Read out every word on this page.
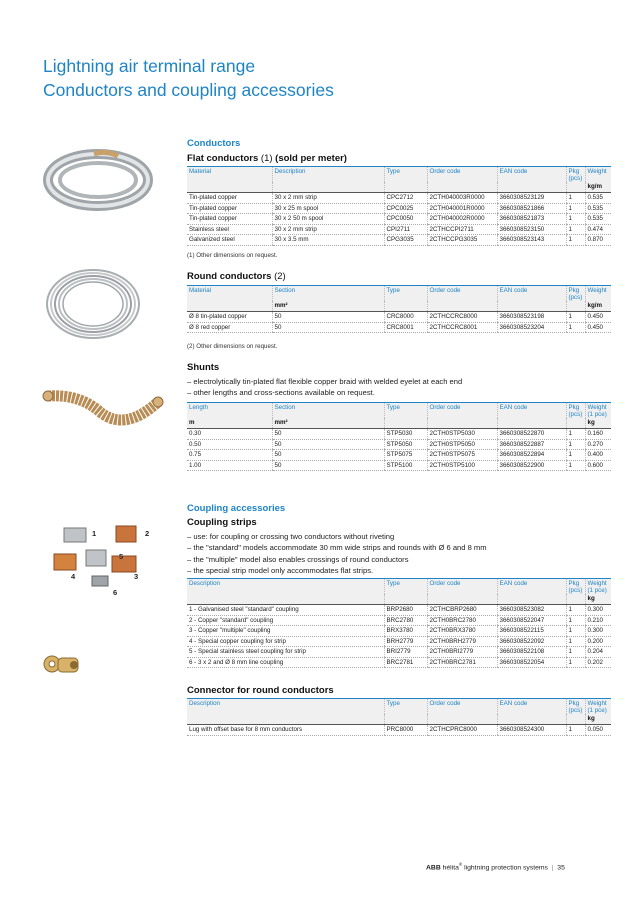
Lightning air terminal range
Conductors and coupling accessories
1	2
5
4	3
6
Conductors
Flat conductors (1) (sold per meter)
Material	Description	Type	Order code	EAN code	Pkg (pcs)	Weight
						kg/m
Tin-plated copper	30 x 2 mm strip	CPC2712	2CTH040003R0000	3660308523129	1	0.535
Tin-plated copper	30 x 25 m spool	CPC0025	2CTH040001R0000	3660308521866	1	0.535
Tin-plated copper	30 x 2 50 m spool	CPC0050	2CTH040002R0000	3660308521873	1	0.535
Stainless steel	30 x 2 mm strip	CPI2711	2CTHCCPI2711	3660308523150	1	0.474
Galvanized steel	30 x 3.5 mm	CPG3035	2CTHCCPG3035	3660308523143	1	0.870
(1) Other dimensions on request.
Round conductors (2)
Material	Section	Type	Order code	EAN code	Pkg (pcs)	Weight
	mm²					kg/m
Ø 8 tin-plated copper	50	CRC8000	2CTHCCRC8000	3660308523198	1	0.450
Ø 8 red copper	50	CRC8001	2CTHCCRC8001	3660308523204	1	0.450
(2) Other dimensions on request.
Shunts
– electrolytically tin-plated flat flexible copper braid with welded eyelet at each end
– other lengths and cross-sections available on request.
Length	Section	Type	Order code	EAN code	Pkg (pcs)	Weight (1 pce)
m	mm²					kg
0.30	50	STP5030	2CTH0STP5030	3660308522870	1	0.160
0.50	50	STP5050	2CTH0STP5050	3660308522887	1	0.270
0.75	50	STP5075	2CTH0STP5075	3660308522894	1	0.400
1.00	50	STP5100	2CTH0STP5100	3660308522900	1	0.600
Coupling accessories
Coupling strips
– use: for coupling or crossing two conductors without riveting
– the "standard" models accommodate 30 mm wide strips and rounds with Ø 6 and 8 mm
– the "multiple" model also enables crossings of round conductors
– the special strip model only accommodates flat strips.
Description	Type	Order code	EAN code	Pkg (pcs)	Weight (1 pce)
					kg
1 - Galvanised steel "standard" coupling	BRP2680	2CTHCBRP2680	3660308523082	1	0.300
2 - Copper "standard" coupling	BRC2780	2CTH0BRC2780	3660308522047	1	0.210
3 - Copper "multiple" coupling	BRX3780	2CTH0BRX3780	3660308522115	1	0.300
4 - Special copper coupling for strip	BRH2779	2CTH0BRH2779	3660308522092	1	0.200
5 - Special stainless steel coupling for strip	BRI2779	2CTH0BRI2779	3660308522108	1	0.204
6 - 3 x 2 and Ø 8 mm line coupling	BRC2781	2CTH0BRC2781	3660308522054	1	0.202
Connector for round conductors
Description	Type	Order code	EAN code	Pkg (pcs)	Weight (1 pce)
					kg
Lug with offset base for 8 mm conductors	PRC8000	2CTHCPRC8000	3660308524300	1	0.050
ABB hélita® lightning protection systems | 35
